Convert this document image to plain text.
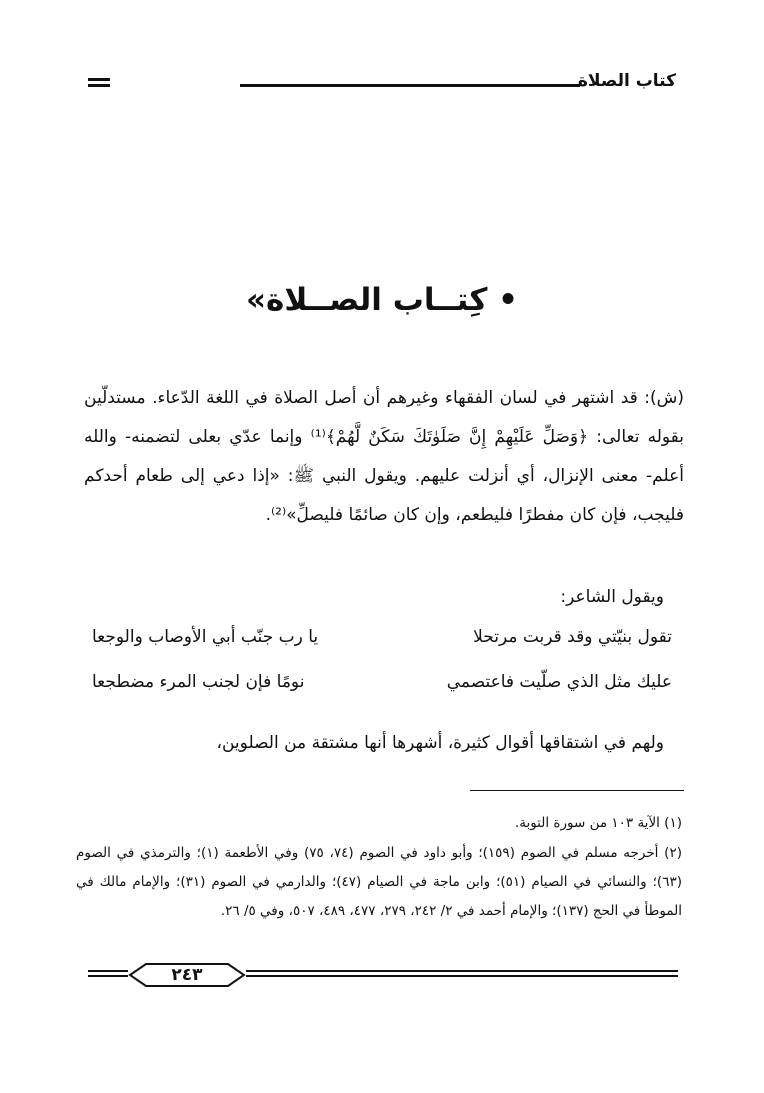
كتاب الصلاة
• كِتــاب الصــلاة»

(ش): قد اشتهر في لسان الفقهاء وغيرهم أن أصل الصلاة في اللغة الدّعاء. مستدلّين بقوله تعالى: ﴿وَصَلِّ عَلَيْهِمْ إِنَّ صَلَوٰتَكَ سَكَنٌ لَّهُمْ﴾⁽¹⁾ وإنما عدّي بعلى لتضمنه- والله أعلم- معنى الإنزال، أي أنزلت عليهم. ويقول النبي ﷺ: «إذا دعي إلى طعام أحدكم فليجب، فإن كان مفطرًا فليطعم، وإن كان صائمًا فليصلِّ»⁽²⁾.

ويقول الشاعر:

تقول بنيّتي وقد قربت مرتحلا
يا رب جنّب أبي الأوصاب والوجعا
عليك مثل الذي صلّيت فاعتصمي
نومًا فإن لجنب المرء مضطجعا

ولهم في اشتقاقها أقوال كثيرة، أشهرها أنها مشتقة من الصلوين،

(١) الآية ١٠٣ من سورة التوبة.

(٢) أخرجه مسلم في الصوم (١٥٩)؛ وأبو داود في الصوم (٧٤، ٧٥) وفي الأطعمة (١)؛ والترمذي في الصوم (٦٣)؛ والنسائي في الصيام (٥١)؛ وابن ماجة في الصيام (٤٧)؛ والدارمي في الصوم (٣١)؛ والإمام مالك في الموطأ في الحج (١٣٧)؛ والإمام أحمد في ٢/ ٢٤٢، ٢٧٩، ٤٧٧، ٤٨٩، ٥٠٧، وفي ٥/ ٢٦.

٢٤٣
